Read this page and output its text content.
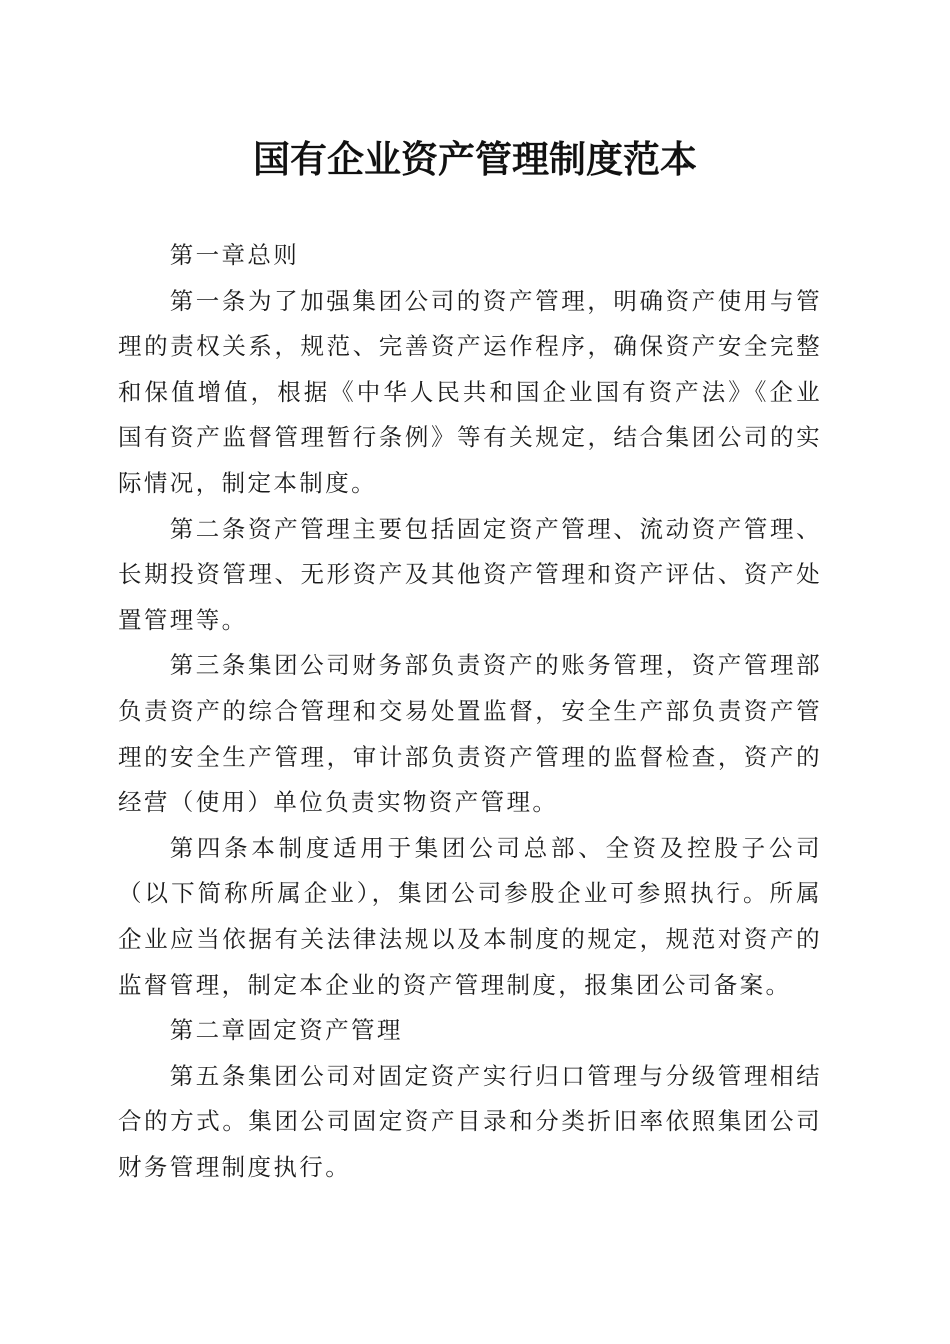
国有企业资产管理制度范本

第一章总则

第一条为了加强集团公司的资产管理，明确资产使用与管理的责权关系，规范、完善资产运作程序，确保资产安全完整和保值增值，根据《中华人民共和国企业国有资产法》《企业国有资产监督管理暂行条例》等有关规定，结合集团公司的实际情况，制定本制度。

第二条资产管理主要包括固定资产管理、流动资产管理、长期投资管理、无形资产及其他资产管理和资产评估、资产处置管理等。

第三条集团公司财务部负责资产的账务管理，资产管理部负责资产的综合管理和交易处置监督，安全生产部负责资产管理的安全生产管理，审计部负责资产管理的监督检查，资产的经营（使用）单位负责实物资产管理。

第四条本制度适用于集团公司总部、全资及控股子公司（以下简称所属企业），集团公司参股企业可参照执行。所属企业应当依据有关法律法规以及本制度的规定，规范对资产的监督管理，制定本企业的资产管理制度，报集团公司备案。

第二章固定资产管理

第五条集团公司对固定资产实行归口管理与分级管理相结合的方式。集团公司固定资产目录和分类折旧率依照集团公司财务管理制度执行。
